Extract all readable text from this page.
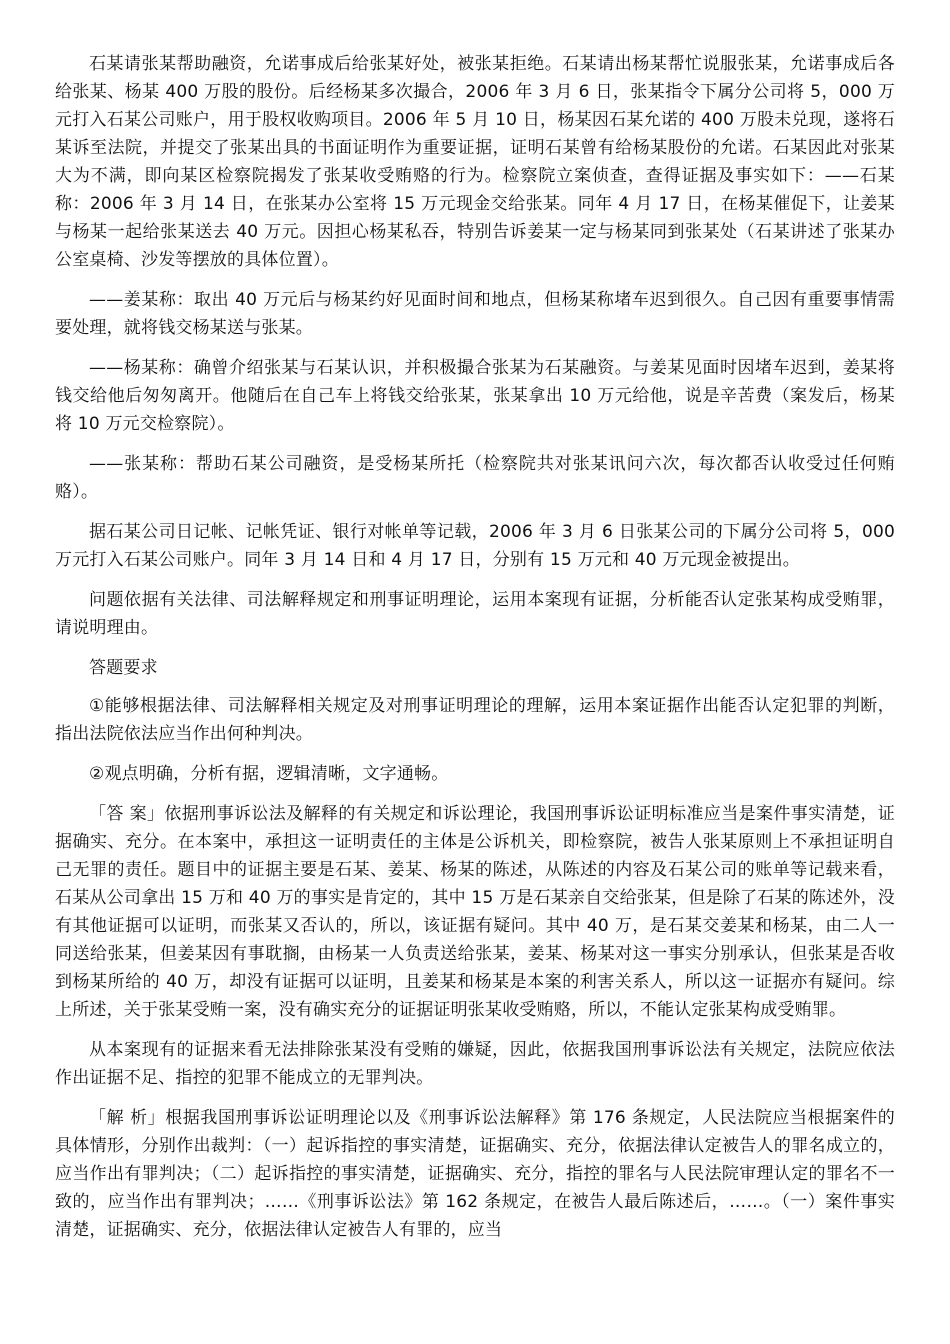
石某请张某帮助融资，允诺事成后给张某好处，被张某拒绝。石某请出杨某帮忙说服张某，允诺事成后各给张某、杨某 400 万股的股份。后经杨某多次撮合，2006 年 3 月 6 日，张某指令下属分公司将 5，000 万元打入石某公司账户，用于股权收购项目。2006 年 5 月 10 日，杨某因石某允诺的 400 万股未兑现，遂将石某诉至法院，并提交了张某出具的书面证明作为重要证据，证明石某曾有给杨某股份的允诺。石某因此对张某大为不满，即向某区检察院揭发了张某收受贿赂的行为。检察院立案侦查，查得证据及事实如下：——石某称：2006 年 3 月 14 日，在张某办公室将 15 万元现金交给张某。同年 4 月 17 日，在杨某催促下，让姜某与杨某一起给张某送去 40 万元。因担心杨某私吞，特别告诉姜某一定与杨某同到张某处（石某讲述了张某办公室桌椅、沙发等摆放的具体位置）。

——姜某称：取出 40 万元后与杨某约好见面时间和地点，但杨某称堵车迟到很久。自己因有重要事情需要处理，就将钱交杨某送与张某。

——杨某称：确曾介绍张某与石某认识，并积极撮合张某为石某融资。与姜某见面时因堵车迟到，姜某将钱交给他后匆匆离开。他随后在自己车上将钱交给张某，张某拿出 10 万元给他，说是辛苦费（案发后，杨某将 10 万元交检察院）。

——张某称：帮助石某公司融资，是受杨某所托（检察院共对张某讯问六次，每次都否认收受过任何贿赂）。

据石某公司日记帐、记帐凭证、银行对帐单等记载，2006 年 3 月 6 日张某公司的下属分公司将 5，000 万元打入石某公司账户。同年 3 月 14 日和 4 月 17 日，分别有 15 万元和 40 万元现金被提出。

问题依据有关法律、司法解释规定和刑事证明理论，运用本案现有证据，分析能否认定张某构成受贿罪，请说明理由。

答题要求

①能够根据法律、司法解释相关规定及对刑事证明理论的理解，运用本案证据作出能否认定犯罪的判断，指出法院依法应当作出何种判决。

②观点明确，分析有据，逻辑清晰，文字通畅。

「答 案」依据刑事诉讼法及解释的有关规定和诉讼理论，我国刑事诉讼证明标准应当是案件事实清楚，证据确实、充分。在本案中，承担这一证明责任的主体是公诉机关，即检察院，被告人张某原则上不承担证明自己无罪的责任。题目中的证据主要是石某、姜某、杨某的陈述，从陈述的内容及石某公司的账单等记载来看，石某从公司拿出 15 万和 40 万的事实是肯定的，其中 15 万是石某亲自交给张某，但是除了石某的陈述外，没有其他证据可以证明，而张某又否认的，所以，该证据有疑问。其中 40 万，是石某交姜某和杨某，由二人一同送给张某，但姜某因有事耽搁，由杨某一人负责送给张某，姜某、杨某对这一事实分别承认，但张某是否收到杨某所给的 40 万，却没有证据可以证明，且姜某和杨某是本案的利害关系人，所以这一证据亦有疑问。综上所述，关于张某受贿一案，没有确实充分的证据证明张某收受贿赂，所以，不能认定张某构成受贿罪。

从本案现有的证据来看无法排除张某没有受贿的嫌疑，因此，依据我国刑事诉讼法有关规定，法院应依法作出证据不足、指控的犯罪不能成立的无罪判决。

「解 析」根据我国刑事诉讼证明理论以及《刑事诉讼法解释》第 176 条规定，人民法院应当根据案件的具体情形，分别作出裁判：（一）起诉指控的事实清楚，证据确实、充分，依据法律认定被告人的罪名成立的，应当作出有罪判决；（二）起诉指控的事实清楚，证据确实、充分，指控的罪名与人民法院审理认定的罪名不一致的，应当作出有罪判决；……《刑事诉讼法》第 162 条规定，在被告人最后陈述后，……。（一）案件事实清楚，证据确实、充分，依据法律认定被告人有罪的，应当
